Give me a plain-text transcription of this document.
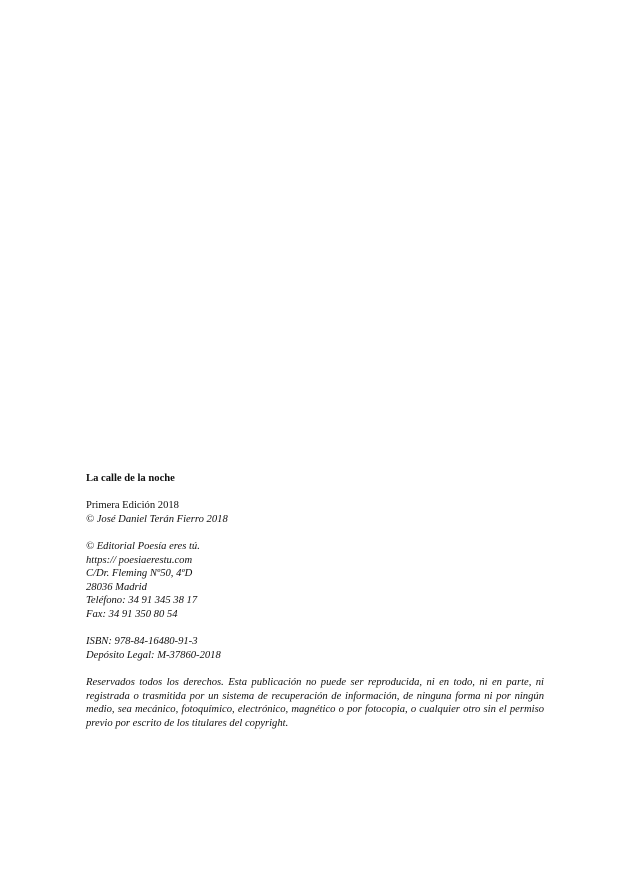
La calle de la noche
Primera Edición 2018
© José Daniel Terán Fierro 2018
© Editorial Poesía eres tú.
https:// poesiaerestu.com
C/Dr. Fleming Nº50, 4ºD
28036 Madrid
Teléfono: 34 91 345 38 17
Fax: 34 91 350 80 54
ISBN: 978-84-16480-91-3
Depósito Legal: M-37860-2018
Reservados todos los derechos. Esta publicación no puede ser reproducida, ni en todo, ni en parte, ni registrada o trasmitida por un sistema de recuperación de información, de ninguna forma ni por ningún medio, sea mecánico, fotoquímico, electrónico, magnético o por fotocopia, o cualquier otro sin el permiso previo por escrito de los titulares del copyright.
